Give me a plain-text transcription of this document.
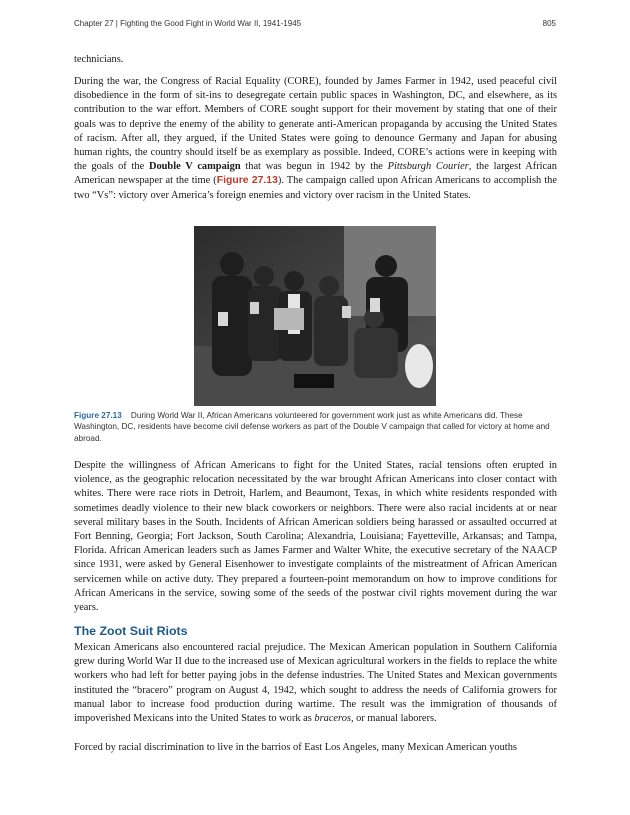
Chapter 27 | Fighting the Good Fight in World War II, 1941-1945	805

technicians.

During the war, the Congress of Racial Equality (CORE), founded by James Farmer in 1942, used peaceful civil disobedience in the form of sit-ins to desegregate certain public spaces in Washington, DC, and elsewhere, as its contribution to the war effort. Members of CORE sought support for their movement by stating that one of their goals was to deprive the enemy of the ability to generate anti-American propaganda by accusing the United States of racism. After all, they argued, if the United States were going to denounce Germany and Japan for abusing human rights, the country should itself be as exemplary as possible. Indeed, CORE’s actions were in keeping with the goals of the Double V campaign that was begun in 1942 by the Pittsburgh Courier, the largest African American newspaper at the time (Figure 27.13). The campaign called upon African Americans to accomplish the two “Vs”: victory over America’s foreign enemies and victory over racism in the United States.

Figure 27.13 During World War II, African Americans volunteered for government work just as white Americans did. These Washington, DC, residents have become civil defense workers as part of the Double V campaign that called for victory at home and abroad.

Despite the willingness of African Americans to fight for the United States, racial tensions often erupted in violence, as the geographic relocation necessitated by the war brought African Americans into closer contact with whites. There were race riots in Detroit, Harlem, and Beaumont, Texas, in which white residents responded with sometimes deadly violence to their new black coworkers or neighbors. There were also racial incidents at or near several military bases in the South. Incidents of African American soldiers being harassed or assaulted occurred at Fort Benning, Georgia; Fort Jackson, South Carolina; Alexandria, Louisiana; Fayetteville, Arkansas; and Tampa, Florida. African American leaders such as James Farmer and Walter White, the executive secretary of the NAACP since 1931, were asked by General Eisenhower to investigate complaints of the mistreatment of African American servicemen while on active duty. They prepared a fourteen-point memorandum on how to improve conditions for African Americans in the service, sowing some of the seeds of the postwar civil rights movement during the war years.

The Zoot Suit Riots

Mexican Americans also encountered racial prejudice. The Mexican American population in Southern California grew during World War II due to the increased use of Mexican agricultural workers in the fields to replace the white workers who had left for better paying jobs in the defense industries. The United States and Mexican governments instituted the “bracero” program on August 4, 1942, which sought to address the needs of California growers for manual labor to increase food production during wartime. The result was the immigration of thousands of impoverished Mexicans into the United States to work as braceros, or manual laborers.

Forced by racial discrimination to live in the barrios of East Los Angeles, many Mexican American youths
